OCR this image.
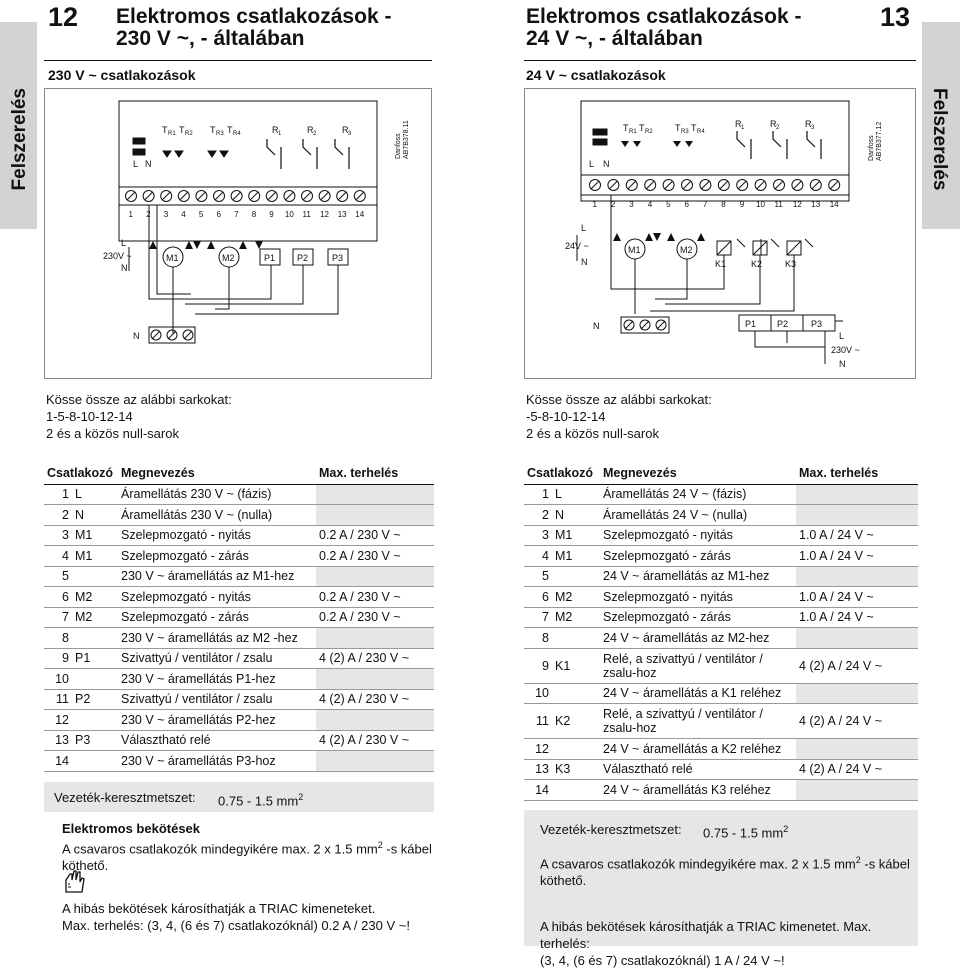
Felszerelés
12 Elektromos csatlakozások -
230 V ~, - általában
230 V ~ csatlakozások
L N
T R1 T R2 T R3 T R4	R 1	R 2	R 3	Danfoss AB7B378.11
1 2 3 4 5 6 7 8 9 10 11 12 13 14
L
230V ~
N
M1	M2	P1 P2	P3
N
Kösse össze az alábbi sarkokat:
1-5-8-10-12-14
2 és a közös null-sarok
Csatlakozó	Megnevezés	Max. terhelés
1 L	Áramellátás 230 V ~ (fázis)	
2 N	Áramellátás 230 V ~ (nulla)	
3 M1	Szelepmozgató - nyitás	0.2 A / 230 V ~
4 M1	Szelepmozgató - zárás	0.2 A / 230 V ~
5	230 V ~ áramellátás az M1-hez	
6 M2	Szelepmozgató - nyitás	0.2 A / 230 V ~
7 M2	Szelepmozgató - zárás	0.2 A / 230 V ~
8	230 V ~ áramellátás az M2 -hez	
9 P1	Szivattyú / ventilátor / zsalu	4 (2) A / 230 V ~
10	230 V ~ áramellátás P1-hez	
11 P2	Szivattyú / ventilátor / zsalu	4 (2) A / 230 V ~
12	230 V ~ áramellátás P2-hez	
13 P3	Választható relé	4 (2) A / 230 V ~
14	230 V ~ áramellátás P3-hoz	
Vezeték-keresztmetszet: 0.75 - 1.5 $mm^2$
Elektromos bekötések
A csavaros csatlakozók mindegyikére max. 2 x 1.5 $mm^2$ -s kábel
köthető.
A hibás bekötések károsíthatják a TRIAC kimeneteket.
Max. terhelés: (3, 4, (6 és 7) csatlakozóknál) 0.2 A / 230 V ~!
Felszerelés
Elektromos csatlakozások -
24 V ~, - általában
13
24 V ~ csatlakozások
L N
T R1 T R2 T R3 T R4
R 1	R 2	R 3
Danfoss AB7B377.12
1 2 3 4 5 6 7 8 9 10 11 12 13 14
L
24V ~
N
M1	M2
K1	K2	K3
P1 P2	P3
L
230V ~
N
N
Kösse össze az alábbi sarkokat:
-5-8-10-12-14
2 és a közös null-sarok
Csatlakozó	Megnevezés	Max. terhelés
1 L	Áramellátás 24 V ~ (fázis)	
2 N	Áramellátás 24 V ~ (nulla)	
3 M1	Szelepmozgató - nyitás	1.0 A / 24 V ~
4 M1	Szelepmozgató - zárás	1.0 A / 24 V ~
5	24 V ~ áramellátás az M1-hez	
6 M2	Szelepmozgató - nyitás	1.0 A / 24 V ~
7 M2	Szelepmozgató - zárás	1.0 A / 24 V ~
8	24 V ~ áramellátás az M2-hez	
9 K1	Relé, a szivattyú / ventilátor / zsalu-hoz	4 (2) A / 24 V ~
10	24 V ~ áramellátás a K1 reléhez	
11 K2	Relé, a szivattyú / ventilátor / zsalu-hoz	4 (2) A / 24 V ~
12	24 V ~ áramellátás a K2 reléhez	
13 K3	Választható relé	4 (2) A / 24 V ~
14	24 V ~ áramellátás K3 reléhez	
Vezeték-keresztmetszet: 0.75 - 1.5 $mm^2$
A csavaros csatlakozók mindegyikére max. 2 x 1.5 $mm^2$ -s kábel
köthető.
A hibás bekötések károsíthatják a TRIAC kimenetet. Max. terhelés:
(3, 4, (6 és 7) csatlakozóknál) 1 A / 24 V ~!
